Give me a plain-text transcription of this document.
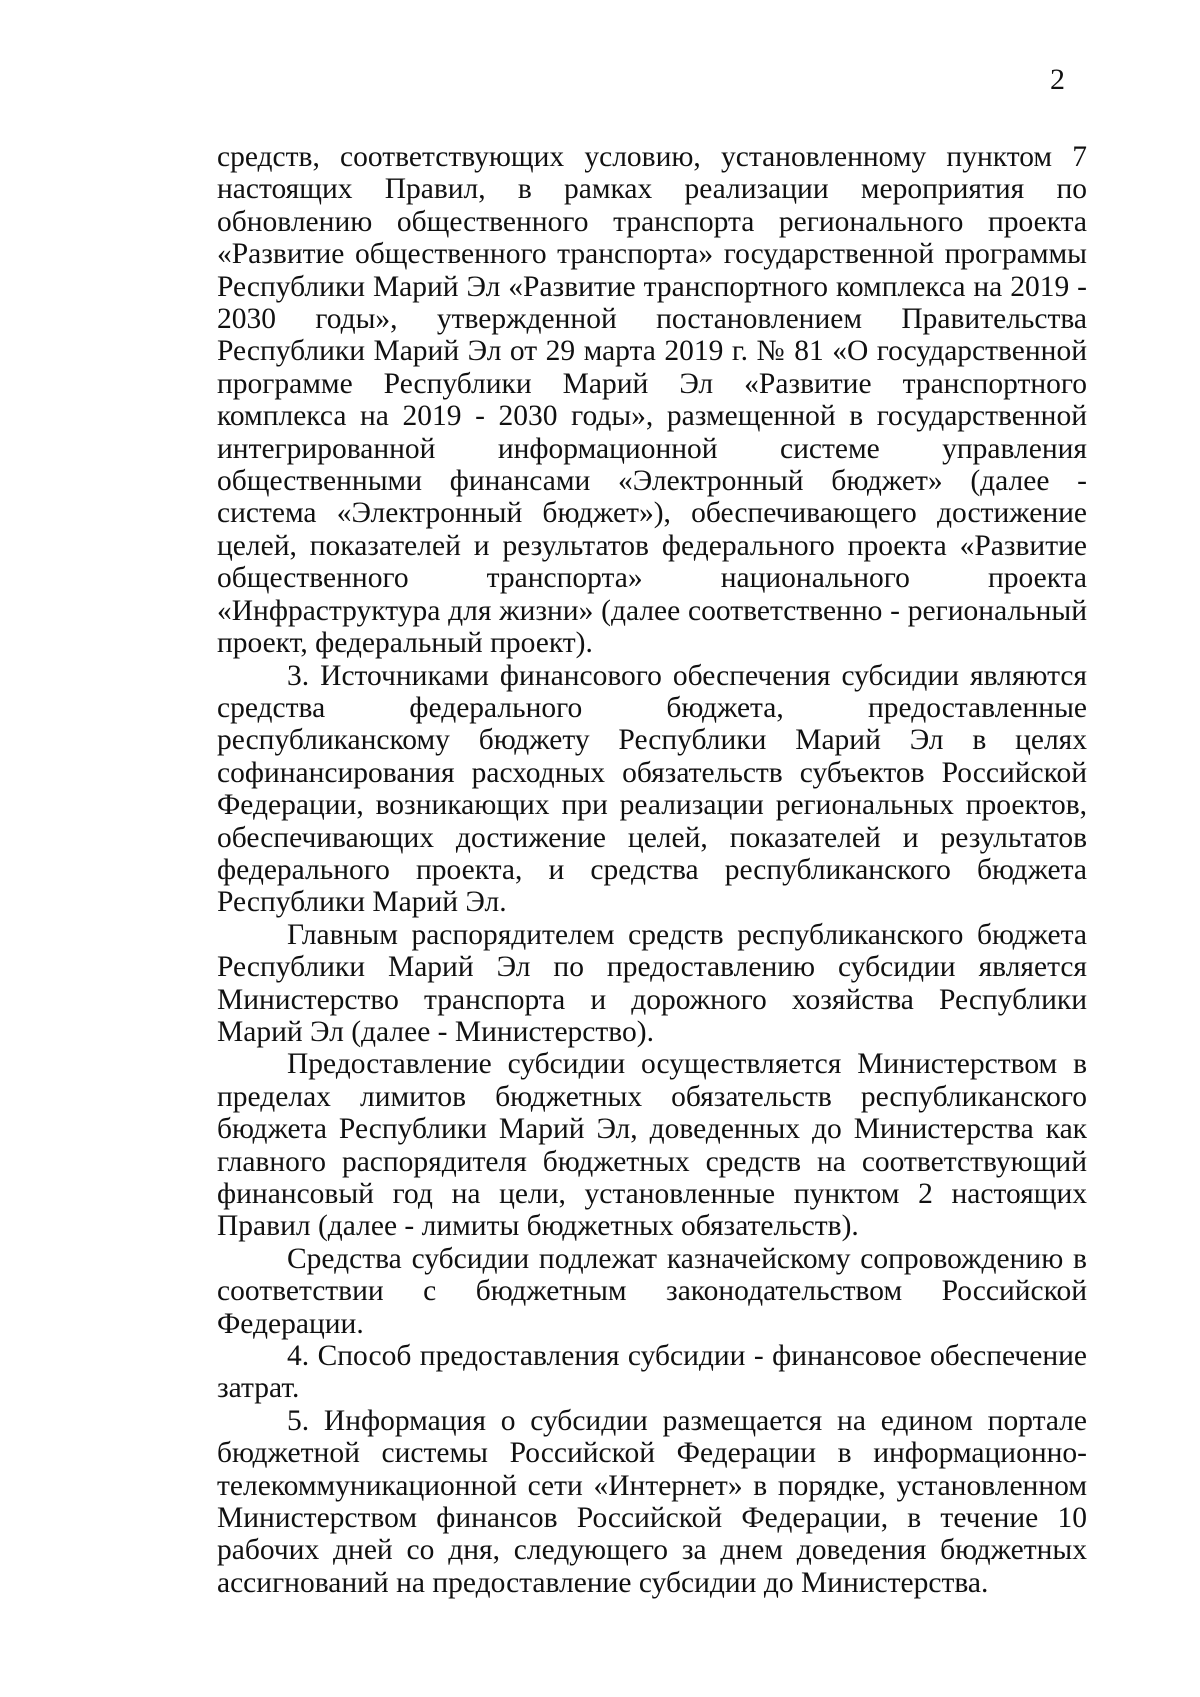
2

средств, соответствующих условию, установленному пунктом 7 настоящих Правил, в рамках реализации мероприятия по обновлению общественного транспорта регионального проекта «Развитие общественного транспорта» государственной программы Республики Марий Эл «Развитие транспортного комплекса на 2019 - 2030 годы», утвержденной постановлением Правительства Республики Марий Эл от 29 марта 2019 г. № 81 «О государственной программе Республики Марий Эл «Развитие транспортного комплекса на 2019 - 2030 годы», размещенной в государственной интегрированной информационной системе управления общественными финансами «Электронный бюджет» (далее - система «Электронный бюджет»), обеспечивающего достижение целей, показателей и результатов федерального проекта «Развитие общественного транспорта» национального проекта «Инфраструктура для жизни» (далее соответственно - региональный проект, федеральный проект).

3. Источниками финансового обеспечения субсидии являются средства федерального бюджета, предоставленные республиканскому бюджету Республики Марий Эл в целях софинансирования расходных обязательств субъектов Российской Федерации, возникающих при реализации региональных проектов, обеспечивающих достижение целей, показателей и результатов федерального проекта, и средства республиканского бюджета Республики Марий Эл.

Главным распорядителем средств республиканского бюджета Республики Марий Эл по предоставлению субсидии является Министерство транспорта и дорожного хозяйства Республики Марий Эл (далее - Министерство).

Предоставление субсидии осуществляется Министерством в пределах лимитов бюджетных обязательств республиканского бюджета Республики Марий Эл, доведенных до Министерства как главного распорядителя бюджетных средств на соответствующий финансовый год на цели, установленные пунктом 2 настоящих Правил (далее - лимиты бюджетных обязательств).

Средства субсидии подлежат казначейскому сопровождению в соответствии с бюджетным законодательством Российской Федерации.

4. Способ предоставления субсидии - финансовое обеспечение затрат.

5. Информация о субсидии размещается на едином портале бюджетной системы Российской Федерации в информационно-телекоммуникационной сети «Интернет» в порядке, установленном Министерством финансов Российской Федерации, в течение 10 рабочих дней со дня, следующего за днем доведения бюджетных ассигнований на предоставление субсидии до Министерства.
